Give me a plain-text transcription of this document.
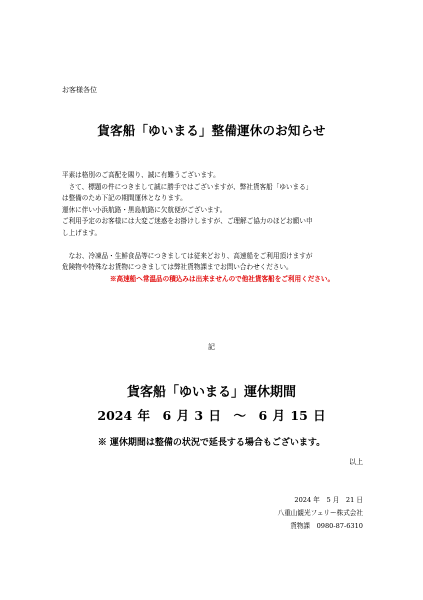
お客様各位
貨客船「ゆいまる」整備運休のお知らせ
平素は格別のご高配を賜り、誠に有難うございます。
　さて、標題の件につきまして誠に勝手ではございますが、弊社貨客船「ゆいまる」
は整備のため下記の期間運休となります。
運休に伴い小浜航路・黒島航路に欠航便がございます。
ご利用予定のお客様には大変ご迷惑をお掛けしますが、ご理解ご協力のほどお願い申
し上げます。
　なお、冷凍品・生鮮食品等につきましては従来どおり、高速船をご利用頂けますが
危険物や特殊なお貨物につきましては弊社貨物課までお問い合わせください。
※高速船へ常温品の積込みは出来ませんので他社貨客船をご利用ください。
記
貨客船「ゆいまる」運休期間
2024 年　6 月 3 日　～　6 月 15 日
※ 運休期間は整備の状況で延長する場合もございます。
以上
2024 年　5 月　21 日
八重山観光フェリー株式会社
貨物課　0980-87-6310
